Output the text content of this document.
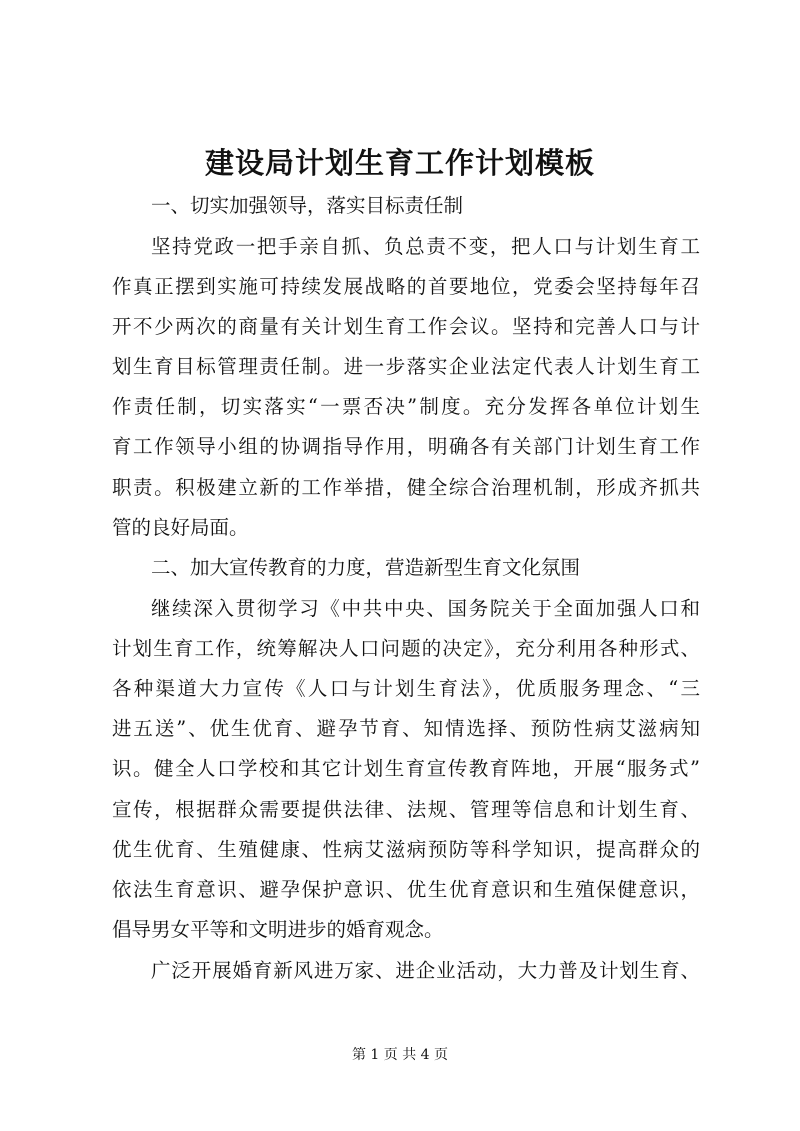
建设局计划生育工作计划模板
一、切实加强领导，落实目标责任制
坚持党政一把手亲自抓、负总责不变，把人口与计划生育工
作真正摆到实施可持续发展战略的首要地位，党委会坚持每年召
开不少两次的商量有关计划生育工作会议。坚持和完善人口与计
划生育目标管理责任制。进一步落实企业法定代表人计划生育工
作责任制，切实落实“一票否决”制度。充分发挥各单位计划生
育工作领导小组的协调指导作用，明确各有关部门计划生育工作
职责。积极建立新的工作举措，健全综合治理机制，形成齐抓共
管的良好局面。
二、加大宣传教育的力度，营造新型生育文化氛围
继续深入贯彻学习《中共中央、国务院关于全面加强人口和
计划生育工作，统筹解决人口问题的决定》，充分利用各种形式、
各种渠道大力宣传《人口与计划生育法》，优质服务理念、“三
进五送”、优生优育、避孕节育、知情选择、预防性病艾滋病知
识。健全人口学校和其它计划生育宣传教育阵地，开展“服务式”
宣传，根据群众需要提供法律、法规、管理等信息和计划生育、
优生优育、生殖健康、性病艾滋病预防等科学知识，提高群众的
依法生育意识、避孕保护意识、优生优育意识和生殖保健意识，
倡导男女平等和文明进步的婚育观念。
广泛开展婚育新风进万家、进企业活动，大力普及计划生育、
第 1 页 共 4 页
